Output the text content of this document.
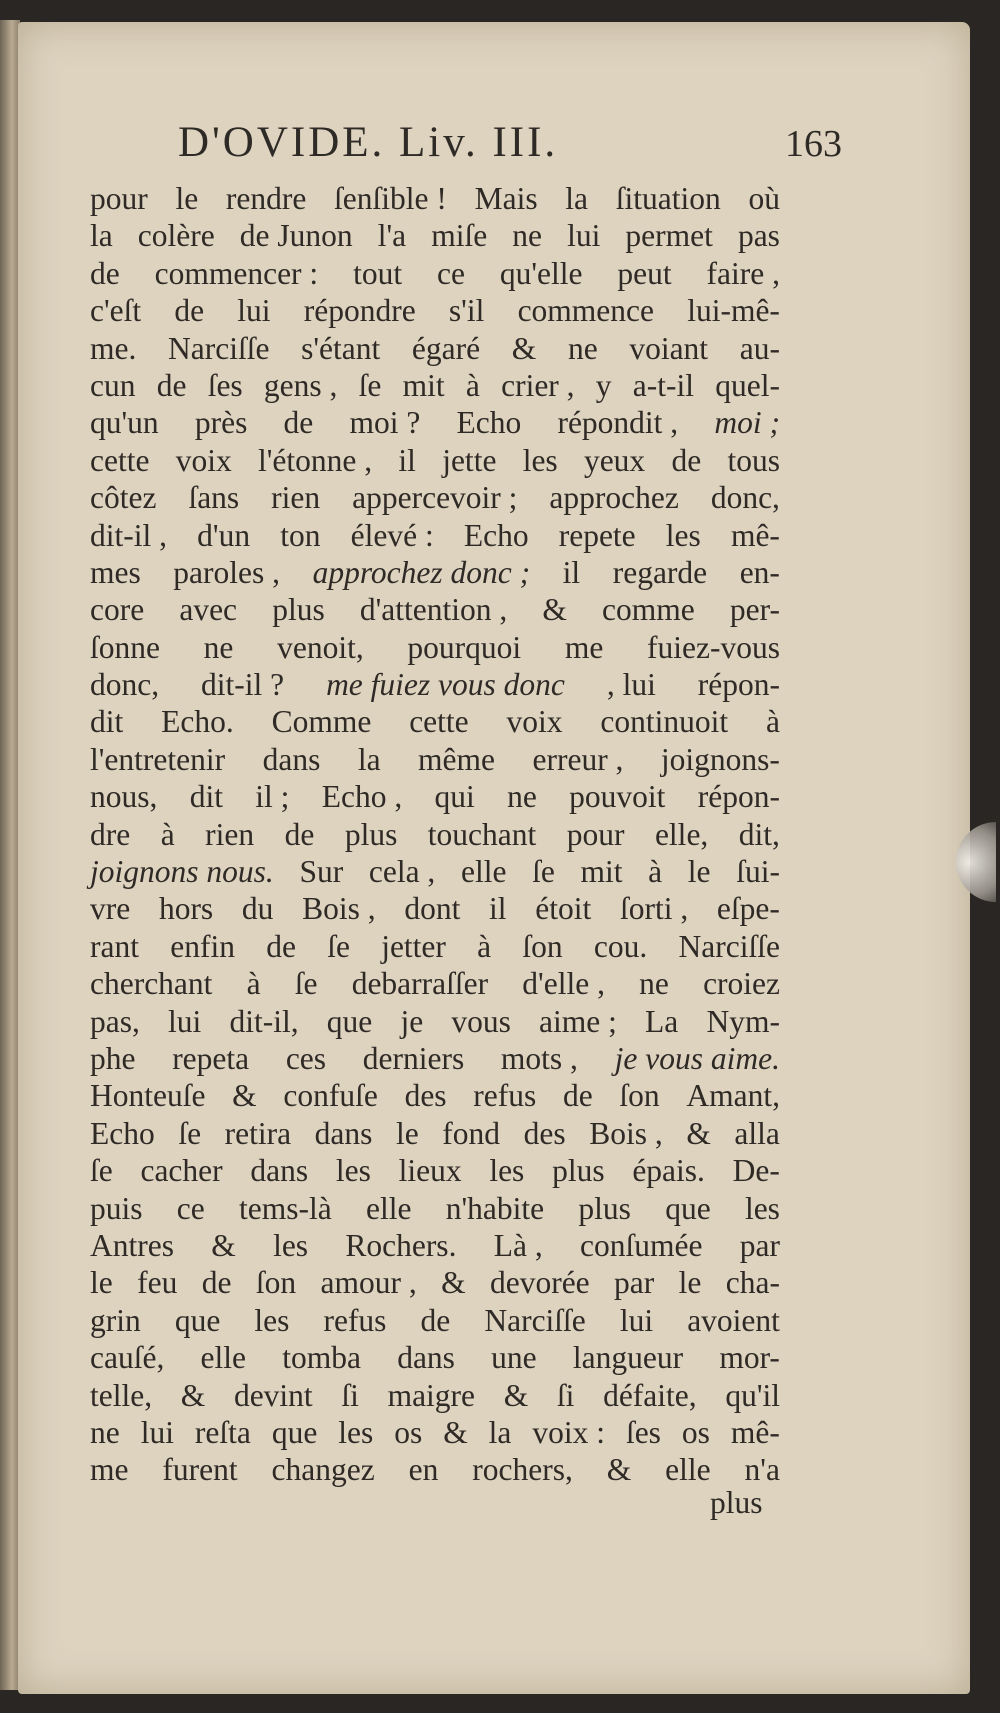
D'OVIDE. Liv. III.	163
pour le rendre ſenſible ! Mais la ſituation où
la colère de Junon l'a miſe ne lui permet pas
de commencer : tout ce qu'elle peut faire ,
c'eſt de lui répondre s'il commence lui-mê-
me. Narciſſe s'étant égaré & ne voiant au-
cun de ſes gens , ſe mit à crier , y a-t-il quel-
qu'un près de moi ? Echo répondit , moi ;
cette voix l'étonne , il jette les yeux de tous
côtez ſans rien appercevoir ; approchez donc,
dit-il , d'un ton élevé : Echo repete les mê-
mes paroles , approchez donc ; il regarde en-
core avec plus d'attention , & comme per-
ſonne ne venoit, pourquoi me fuiez-vous
donc, dit-il ? me fuiez vous donc , lui répon-
dit Echo. Comme cette voix continuoit à
l'entretenir dans la même erreur , joignons-
nous, dit il ; Echo , qui ne pouvoit répon-
dre à rien de plus touchant pour elle, dit,
joignons nous. Sur cela , elle ſe mit à le ſui-
vre hors du Bois , dont il étoit ſorti , eſpe-
rant enfin de ſe jetter à ſon cou. Narciſſe
cherchant à ſe debarraſſer d'elle , ne croiez
pas, lui dit-il, que je vous aime ; La Nym-
phe repeta ces derniers mots , je vous aime.
Honteuſe & confuſe des refus de ſon Amant,
Echo ſe retira dans le fond des Bois , & alla
ſe cacher dans les lieux les plus épais. De-
puis ce tems-là elle n'habite plus que les
Antres & les Rochers. Là , conſumée par
le feu de ſon amour , & devorée par le cha-
grin que les refus de Narciſſe lui avoient
cauſé, elle tomba dans une langueur mor-
telle, & devint ſi maigre & ſi défaite, qu'il
ne lui reſta que les os & la voix : ſes os mê-
me furent changez en rochers, & elle n'a
plus
